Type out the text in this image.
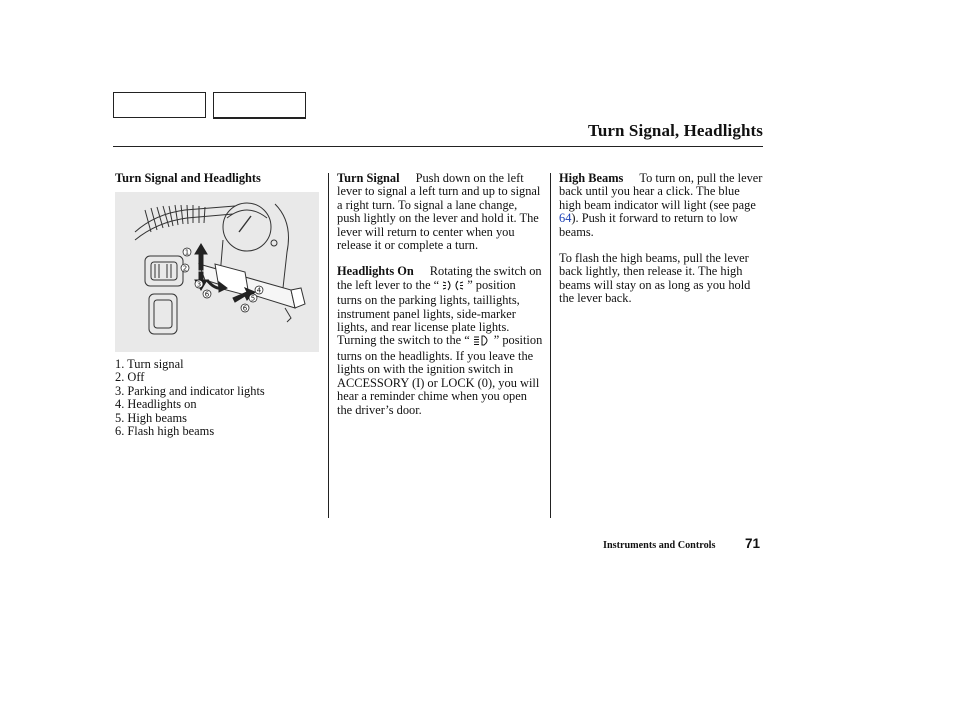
Turn Signal, Headlights
Turn Signal and Headlights
1
2
3
4
5
6
6
1. Turn signal
2. Off
3. Parking and indicator lights
4. Headlights on
5. High beams
6. Flash high beams

Turn Signal Push down on the left lever to signal a left turn and up to signal a right turn. To signal a lane change, push lightly on the lever and hold it. The lever will return to center when you release it or complete a turn.

Headlights On Rotating the switch on the left lever to the “ ” position turns on the parking lights, taillights, instrument panel lights, side-marker lights, and rear license plate lights. Turning the switch to the “ ” position turns on the headlights. If you leave the lights on with the ignition switch in ACCESSORY (I) or LOCK (0), you will hear a reminder chime when you open the driver’s door.

High Beams To turn on, pull the lever back until you hear a click. The blue high beam indicator will light (see page 64). Push it forward to return to low beams.

To flash the high beams, pull the lever back lightly, then release it. The high beams will stay on as long as you hold the lever back.

Instruments and Controls 71
